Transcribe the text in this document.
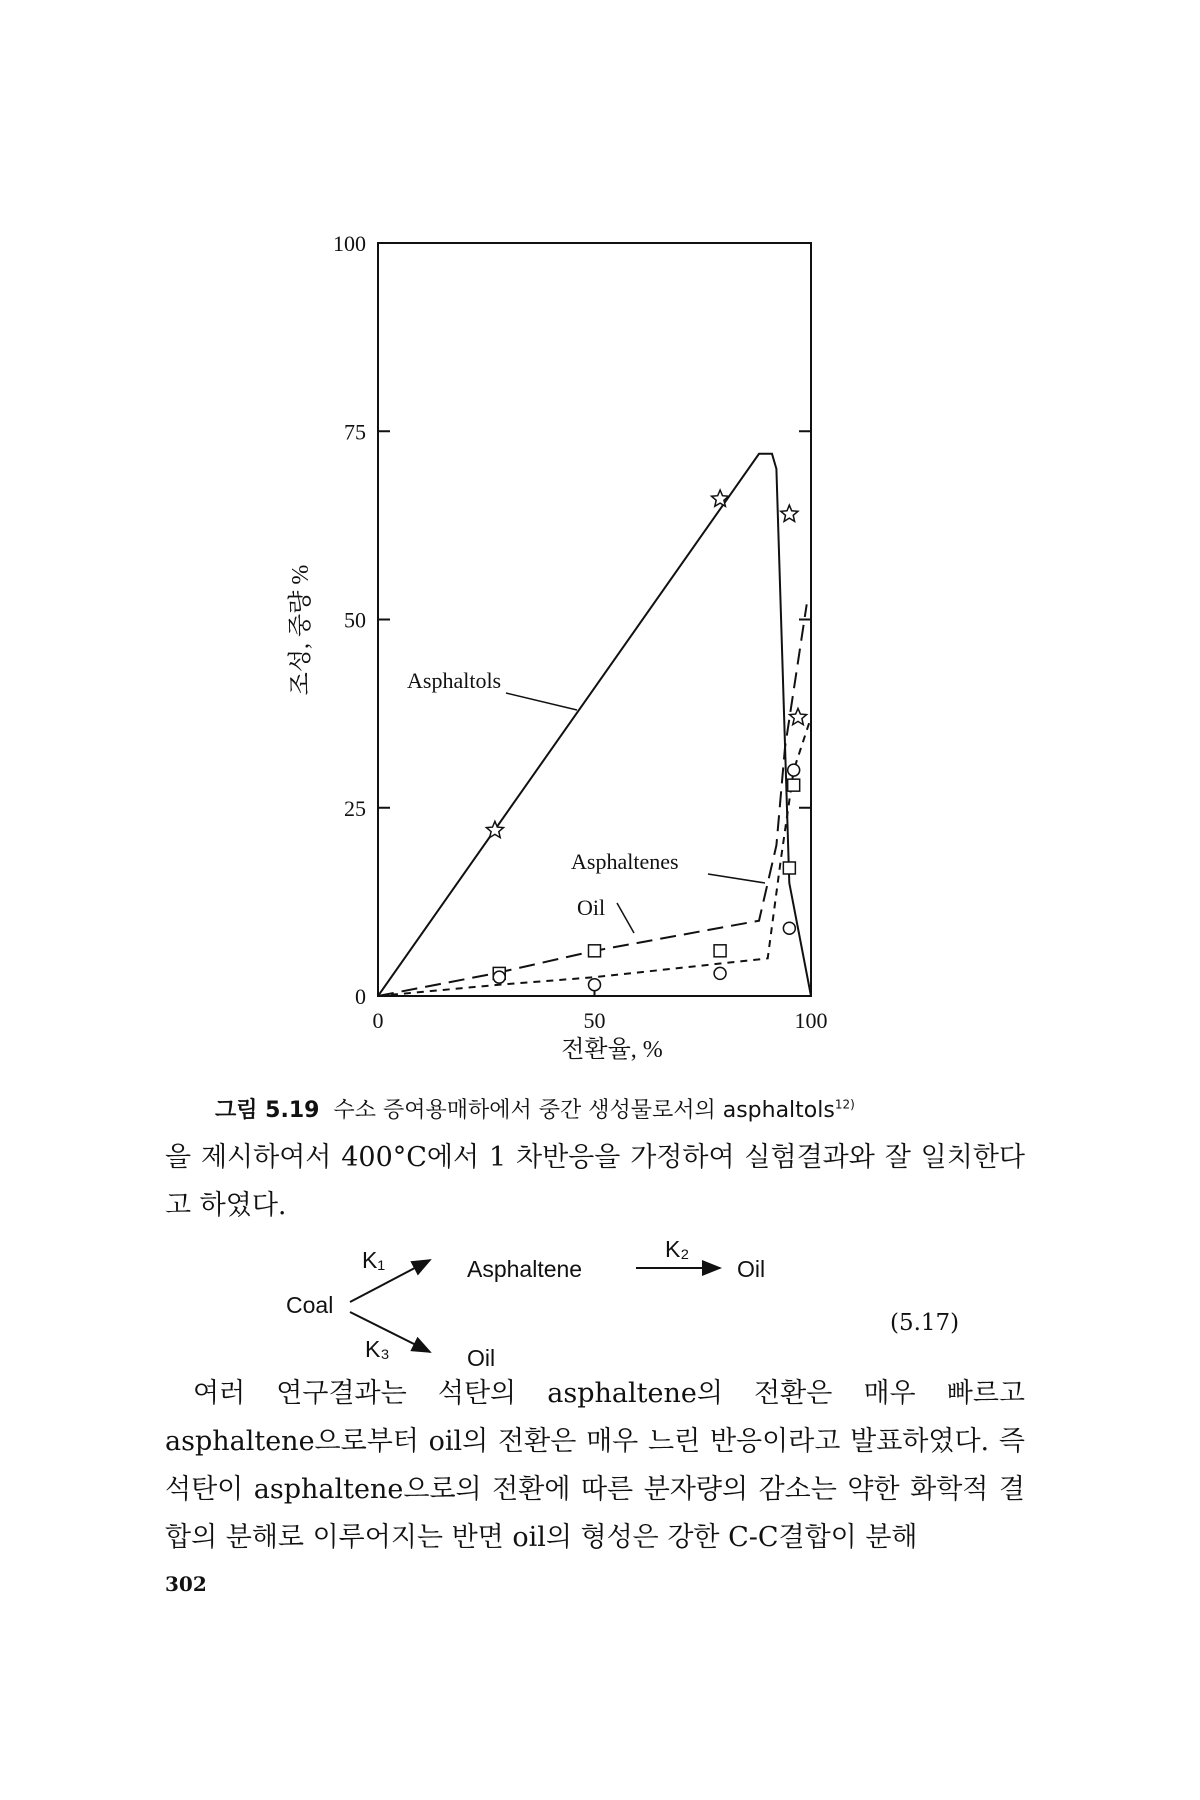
0
25
50
75
100
0	50	100
Asphaltols
Asphaltenes
Oil
조성, 중량 %
전환율, %
그림 5.19 수소 증여용매하에서 중간 생성물로서의 asphaltols$^{12)}$
을 제시하여서 400°C에서 1 차반응을 가정하여 실험결과와 잘 일치한다고 하였다.
Coal
K₁	Asphaltene
K₂
Oil
K₃	Oil
(5.17)
여러 연구결과는 석탄의 asphaltene의 전환은 매우 빠르고 asphaltene으로부터 oil의 전환은 매우 느린 반응이라고 발표하였다. 즉 석탄이 asphaltene으로의 전환에 따른 분자량의 감소는 약한 화학적 결합의 분해로 이루어지는 반면 oil의 형성은 강한 C-C결합이 분해
302
